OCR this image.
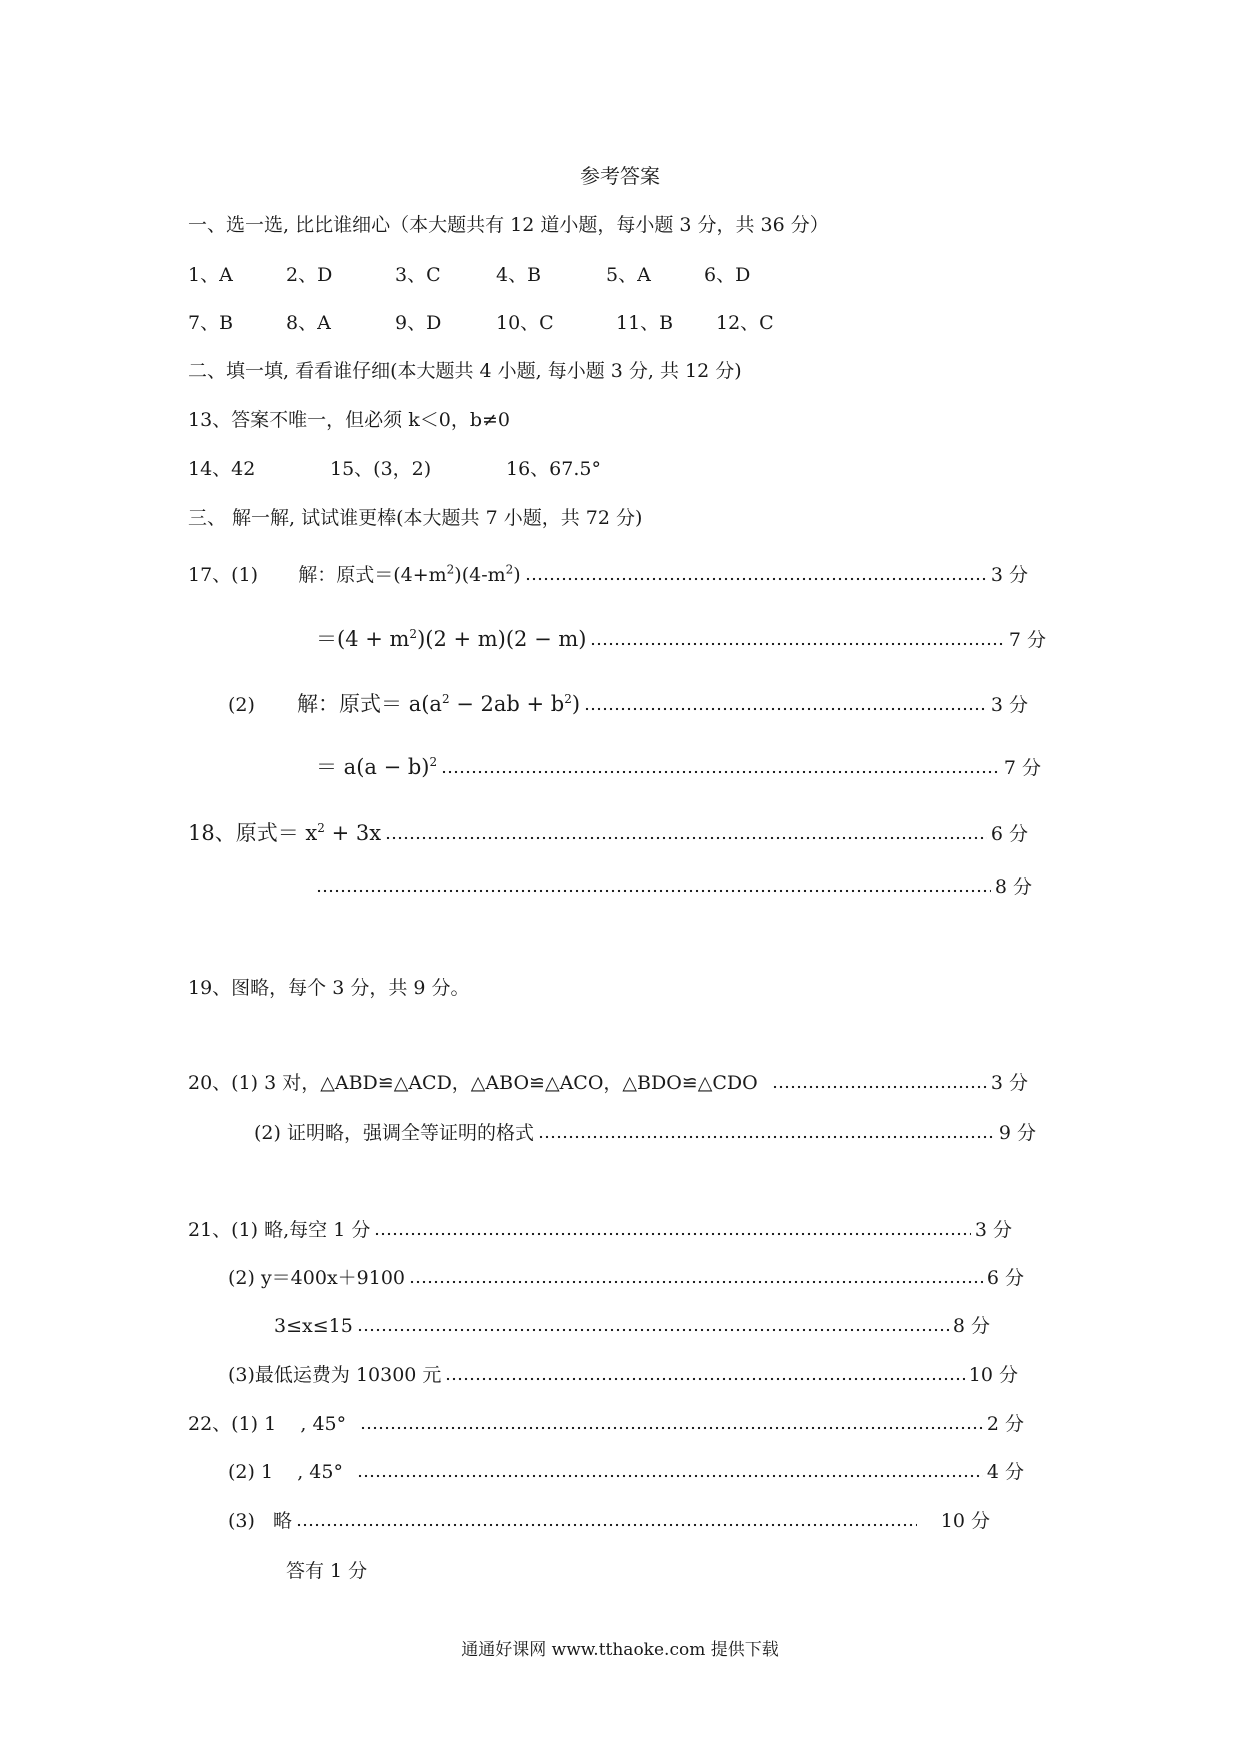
参考答案
一、选一选, 比比谁细心（本大题共有 12 道小题，每小题 3 分，共 36 分）
1、A	2、D	3、C	4、B	5、A	6、D
7、B	8、A	9、D	10、C	11、B 12、C
二、填一填, 看看谁仔细(本大题共 4 小题, 每小题 3 分, 共 12 分)
13、答案不唯一，但必须 k＜0，b≠0
14、42	15、(3，2)	16、67.5°
三、 解一解, 试试谁更棒(本大题共 7 小题，共 72 分)
17、(1) 解：原式$=(4+m^2)(4-m^2)$	3 分
$=(4 + m^2)(2 + m)(2 - m)$	7 分
(2) 解：原式＝ $a(a^2 - 2ab + b^2)$	3 分
＝ $a(a - b)^2$	7 分
18、原式＝ $x^2 + 3x$	6 分
8 分
19、图略，每个 3 分，共 9 分。
20、(1) 3 对，△ABD≌△ACD，△ABO≌△ACO，△BDO≌△CDO	3 分
(2) 证明略，强调全等证明的格式	9 分
21、(1) 略,每空 1 分	3 分
(2) y＝400x＋9100	6 分
3≤x≤15	8 分
(3)最低运费为 10300 元	10 分
22、(1) 1    , 45°	2 分
(2) 1    , 45°	4 分
(3)   略	10 分
答有 1 分
通通好课网 www.tthaoke.com 提供下载
